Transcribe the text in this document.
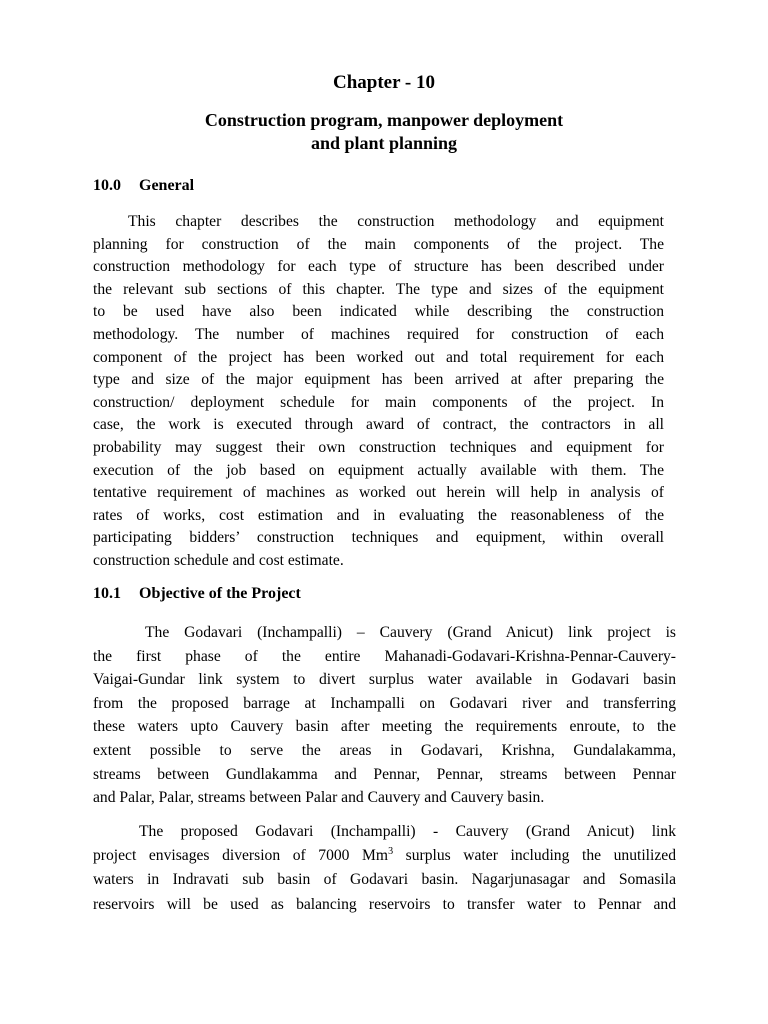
Chapter - 10
Construction program, manpower deployment
and plant planning
10.0 General
This chapter describes the construction methodology and equipment
planning for construction of the main components of the project. The
construction methodology for each type of structure has been described under
the relevant sub sections of this chapter. The type and sizes of the equipment
to be used have also been indicated while describing the construction
methodology. The number of machines required for construction of each
component of the project has been worked out and total requirement for each
type and size of the major equipment has been arrived at after preparing the
construction/ deployment schedule for main components of the project. In
case, the work is executed through award of contract, the contractors in all
probability may suggest their own construction techniques and equipment for
execution of the job based on equipment actually available with them. The
tentative requirement of machines as worked out herein will help in analysis of
rates of works, cost estimation and in evaluating the reasonableness of the
participating bidders’ construction techniques and equipment, within overall
construction schedule and cost estimate.
10.1 Objective of the Project
The Godavari (Inchampalli) – Cauvery (Grand Anicut) link project is
the first phase of the entire Mahanadi-Godavari-Krishna-Pennar-Cauvery-
Vaigai-Gundar link system to divert surplus water available in Godavari basin
from the proposed barrage at Inchampalli on Godavari river and transferring
these waters upto Cauvery basin after meeting the requirements enroute, to the
extent possible to serve the areas in Godavari, Krishna, Gundalakamma,
streams between Gundlakamma and Pennar, Pennar, streams between Pennar
and Palar, Palar, streams between Palar and Cauvery and Cauvery basin.
The proposed Godavari (Inchampalli) - Cauvery (Grand Anicut) link
project envisages diversion of 7000 Mm$^3$ surplus water including the unutilized
waters in Indravati sub basin of Godavari basin. Nagarjunasagar and Somasila
reservoirs will be used as balancing reservoirs to transfer water to Pennar and
